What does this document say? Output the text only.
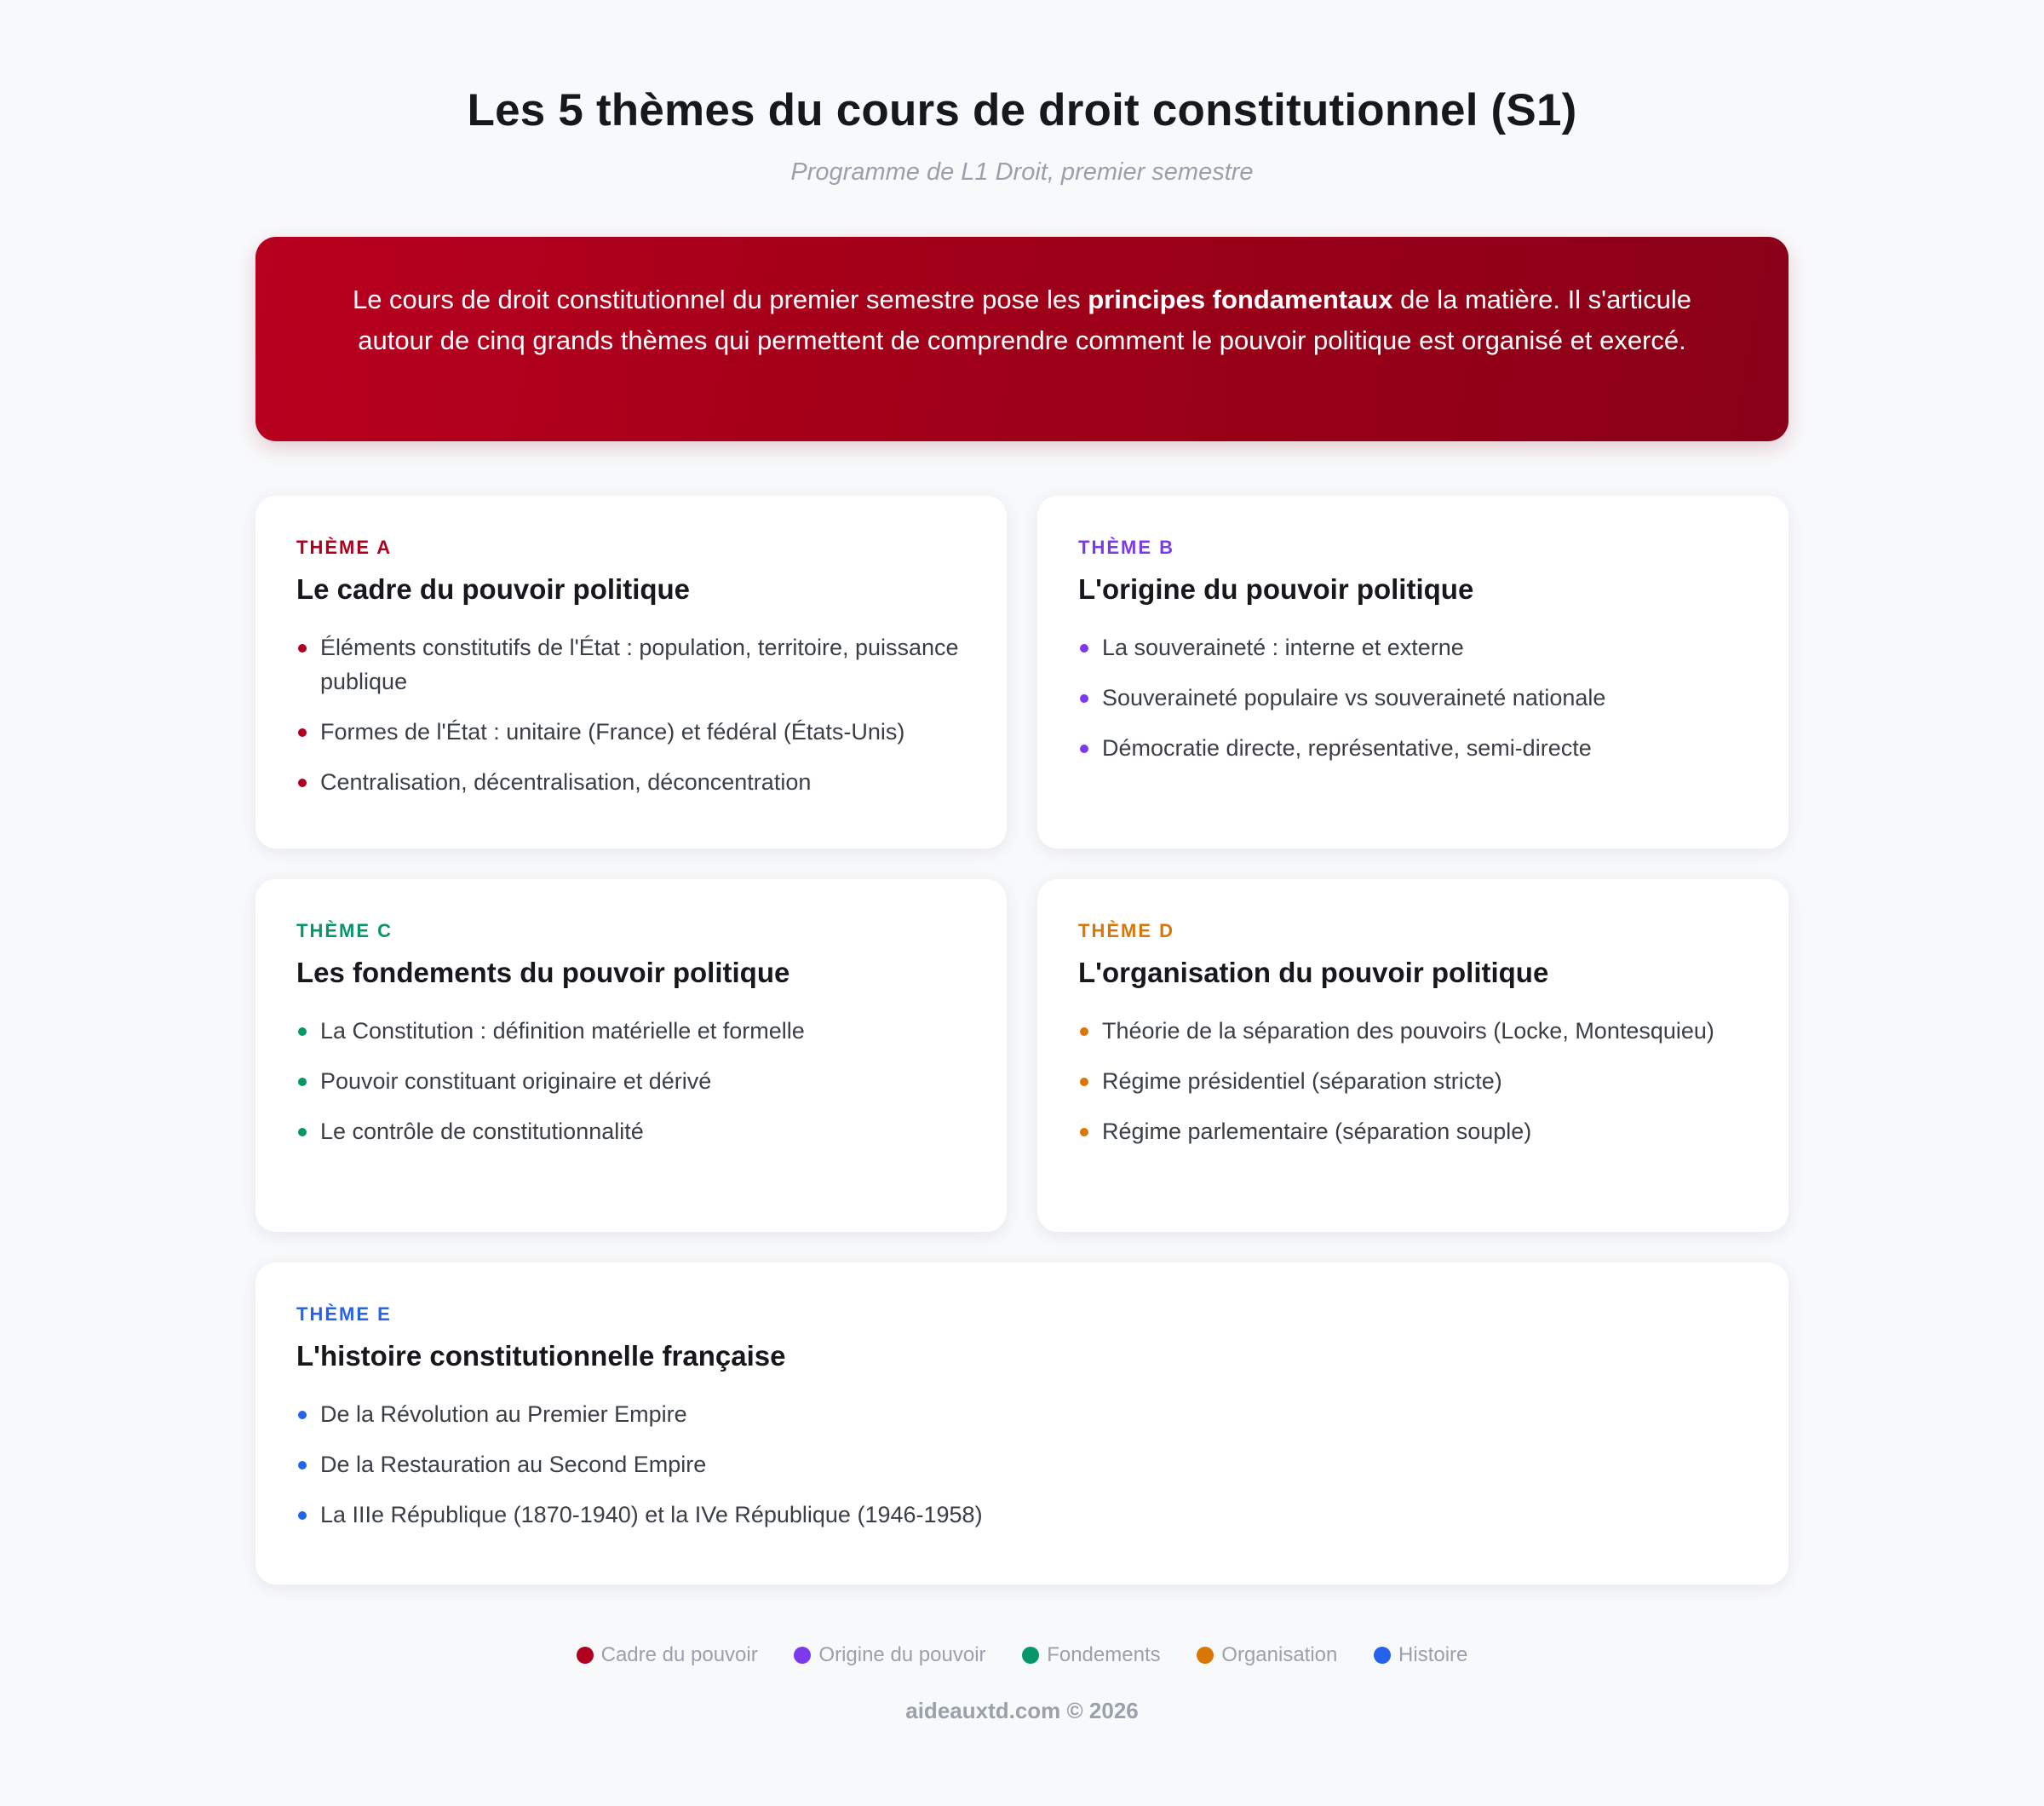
Les 5 thèmes du cours de droit constitutionnel (S1)
Programme de L1 Droit, premier semestre
Le cours de droit constitutionnel du premier semestre pose les principes fondamentaux de la matière. Il s'articule autour de cinq grands thèmes qui permettent de comprendre comment le pouvoir politique est organisé et exercé.
THÈME A
Le cadre du pouvoir politique
Éléments constitutifs de l'État : population, territoire, puissance publique
Formes de l'État : unitaire (France) et fédéral (États-Unis)
Centralisation, décentralisation, déconcentration
THÈME B
L'origine du pouvoir politique
La souveraineté : interne et externe
Souveraineté populaire vs souveraineté nationale
Démocratie directe, représentative, semi-directe
THÈME C
Les fondements du pouvoir politique
La Constitution : définition matérielle et formelle
Pouvoir constituant originaire et dérivé
Le contrôle de constitutionnalité
THÈME D
L'organisation du pouvoir politique
Théorie de la séparation des pouvoirs (Locke, Montesquieu)
Régime présidentiel (séparation stricte)
Régime parlementaire (séparation souple)
THÈME E
L'histoire constitutionnelle française
De la Révolution au Premier Empire
De la Restauration au Second Empire
La IIIe République (1870-1940) et la IVe République (1946-1958)
Cadre du pouvoir	Origine du pouvoir	Fondements	Organisation	Histoire
aideauxtd.com © 2026
